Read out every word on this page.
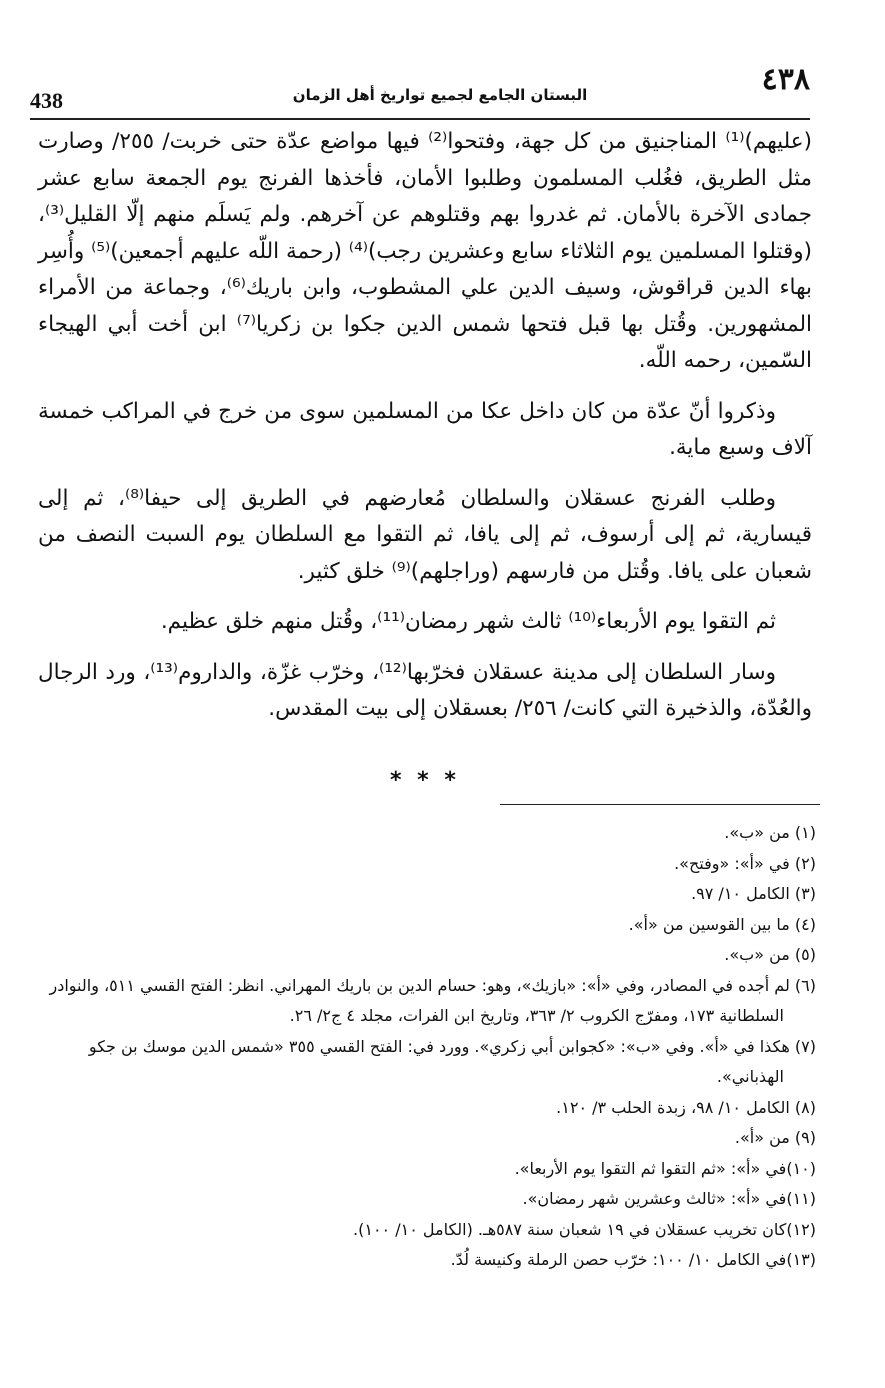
٤٣٨
البستان الجامع لجميع تواريخ أهل الزمان
438

(عليهم)⁽¹⁾ المناجنيق من كل جهة، وفتحوا⁽²⁾ فيها مواضع عدّة حتى خربت/ ٢٥٥/ وصارت مثل الطريق، فغُلب المسلمون وطلبوا الأمان، فأخذها الفرنج يوم الجمعة سابع عشر جمادى الآخرة بالأمان. ثم غدروا بهم وقتلوهم عن آخرهم. ولم يَسلَم منهم إلّا القليل⁽³⁾، (وقتلوا المسلمين يوم الثلاثاء سابع وعشرين رجب)⁽⁴⁾ (رحمة اللّه عليهم أجمعين)⁽⁵⁾ وأُسِر بهاء الدين قراقوش، وسيف الدين علي المشطوب، وابن باريك⁽⁶⁾، وجماعة من الأمراء المشهورين. وقُتل بها قبل فتحها شمس الدين جكوا بن زكريا⁽⁷⁾ ابن أخت أبي الهيجاء السّمين، رحمه اللّه.

وذكروا أنّ عدّة من كان داخل عكا من المسلمين سوى من خرج في المراكب خمسة آلاف وسبع ماية.

وطلب الفرنج عسقلان والسلطان مُعارضهم في الطريق إلى حيفا⁽⁸⁾، ثم إلى قيسارية، ثم إلى أرسوف، ثم إلى يافا، ثم التقوا مع السلطان يوم السبت النصف من شعبان على يافا. وقُتل من فارسهم (وراجلهم)⁽⁹⁾ خلق كثير.

ثم التقوا يوم الأربعاء⁽¹⁰⁾ ثالث شهر رمضان⁽¹¹⁾، وقُتل منهم خلق عظيم.

وسار السلطان إلى مدينة عسقلان فخرّبها⁽¹²⁾، وخرّب غزّة، والداروم⁽¹³⁾، ورد الرجال والعُدّة، والذخيرة التي كانت/ ٢٥٦/ بعسقلان إلى بيت المقدس.

* * *
(١) من «ب».
(٢) في «أ»: «وفتح».
(٣) الكامل ١٠/ ٩٧.
(٤) ما بين القوسين من «أ».
(٥) من «ب».
(٦) لم أجده في المصادر، وفي «أ»: «بازيك»، وهو: حسام الدين بن باريك المهراني. انظر: الفتح القسي ٥١١، والنوادر السلطانية ١٧٣، ومفرّج الكروب ٢/ ٣٦٣، وتاريخ ابن الفرات، مجلد ٤ ج٢/ ٢٦.
(٧) هكذا في «أ». وفي «ب»: «كجوابن أبي زكري». وورد في: الفتح القسي ٣٥٥ «شمس الدين موسك بن جكو الهذباني».
(٨) الكامل ١٠/ ٩٨، زبدة الحلب ٣/ ١٢٠.
(٩) من «أ».
(١٠)في «أ»: «ثم التقوا ثم التقوا يوم الأربعا».
(١١)في «أ»: «ثالث وعشرين شهر رمضان».
(١٢)كان تخريب عسقلان في ١٩ شعبان سنة ٥٨٧هـ. (الكامل ١٠/ ١٠٠).
(١٣)في الكامل ١٠/ ١٠٠: خرّب حصن الرملة وكنيسة لُدّ.
